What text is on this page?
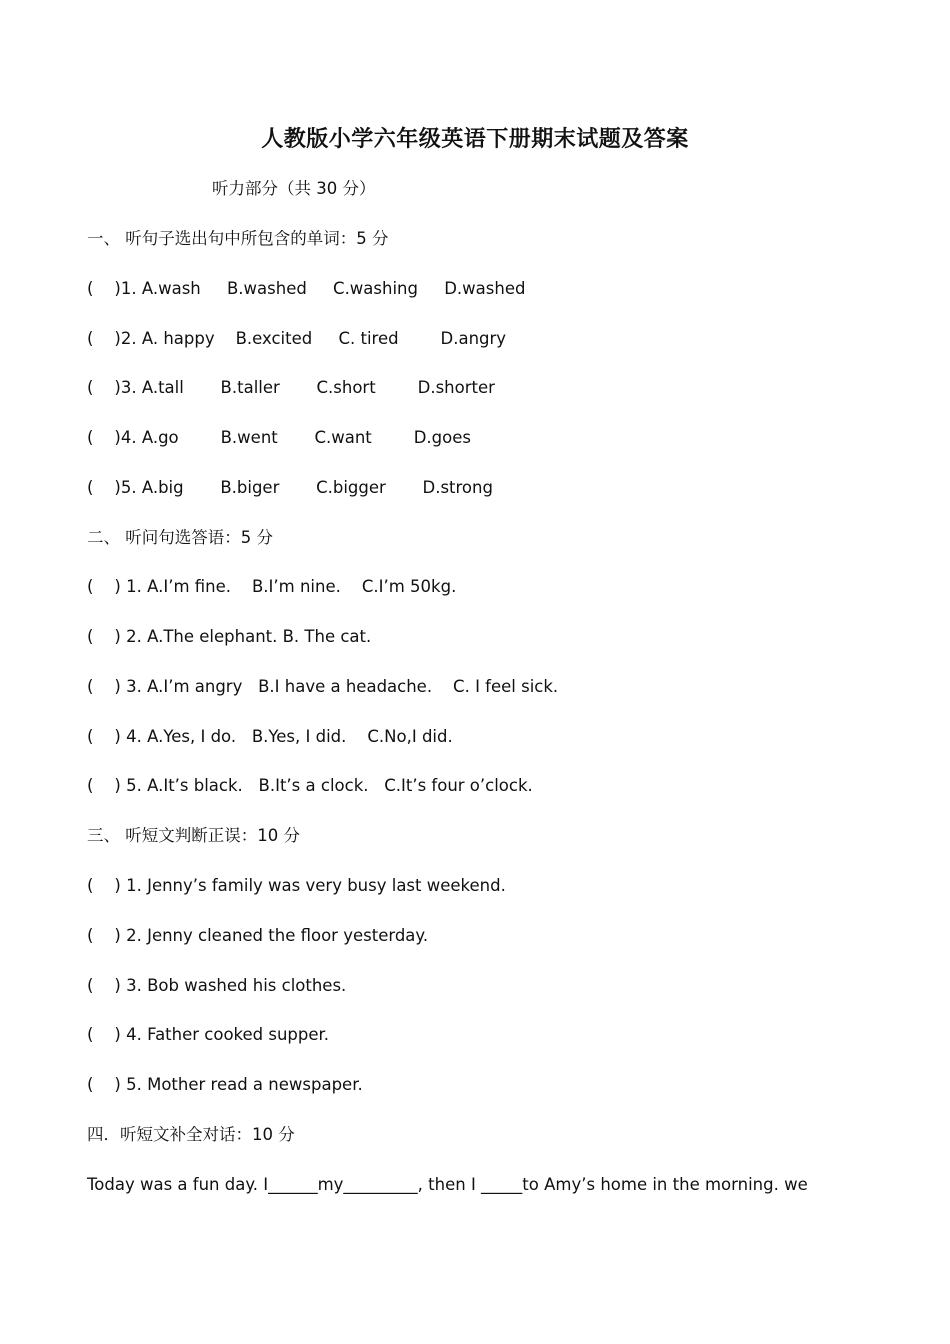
人教版小学六年级英语下册期末试题及答案
听力部分（共 30 分）
一、 听句子选出句中所包含的单词：5 分
(    )1. A.wash     B.washed     C.washing     D.washed
(    )2. A. happy    B.excited     C. tired        D.angry
(    )3. A.tall       B.taller       C.short        D.shorter
(    )4. A.go        B.went       C.want        D.goes
(    )5. A.big       B.biger       C.bigger       D.strong
二、 听问句选答语：5 分
(    ) 1. A.I’m fine.    B.I’m nine.    C.I’m 50kg.
(    ) 2. A.The elephant. B. The cat.
(    ) 3. A.I’m angry   B.I have a headache.    C. I feel sick.
(    ) 4. A.Yes, I do.   B.Yes, I did.    C.No,I did.
(    ) 5. A.It’s black.   B.It’s a clock.   C.It’s four o’clock.
三、 听短文判断正误：10 分
(    ) 1. Jenny’s family was very busy last weekend.
(    ) 2. Jenny cleaned the floor yesterday.
(    ) 3. Bob washed his clothes.
(    ) 4. Father cooked supper.
(    ) 5. Mother read a newspaper.
四．听短文补全对话：10 分
Today was a fun day. I______my_________, then I _____to Amy’s home in the morning. we
